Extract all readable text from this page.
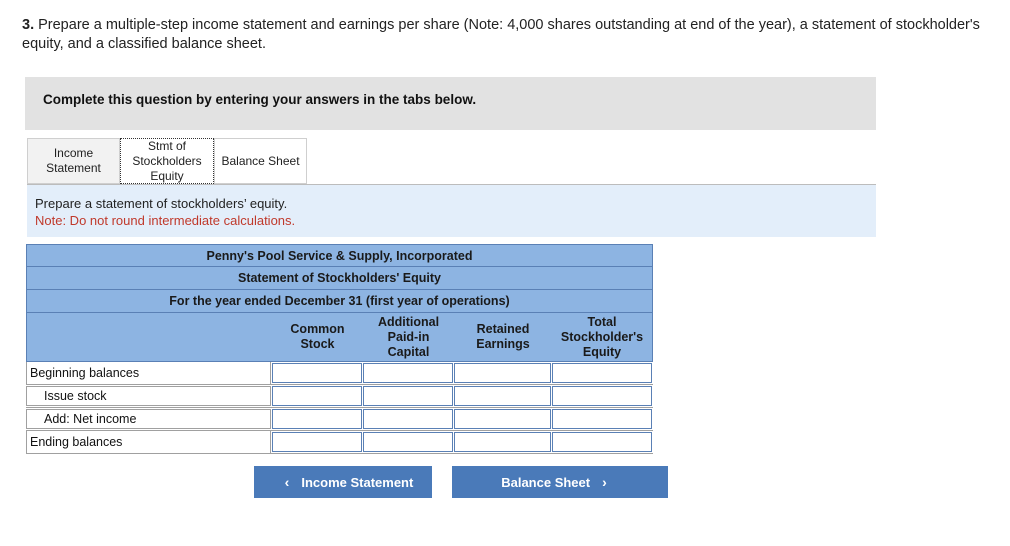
3. Prepare a multiple-step income statement and earnings per share (Note: 4,000 shares outstanding at end of the year), a statement of stockholder's equity, and a classified balance sheet.
Complete this question by entering your answers in the tabs below.
Income
Statement
Stmt of
Stockholders
Equity
Balance Sheet
Prepare a statement of stockholders’ equity.
Note: Do not round intermediate calculations.
Penny's Pool Service & Supply, Incorporated
Statement of Stockholders' Equity
For the year ended December 31 (first year of operations)
Common
Stock
Additional
Paid-in
Capital
Retained
Earnings
Total
Stockholder's
Equity
Beginning balances
Issue stock
Add: Net income
Ending balances
‹ Income Statement	Balance Sheet ›
